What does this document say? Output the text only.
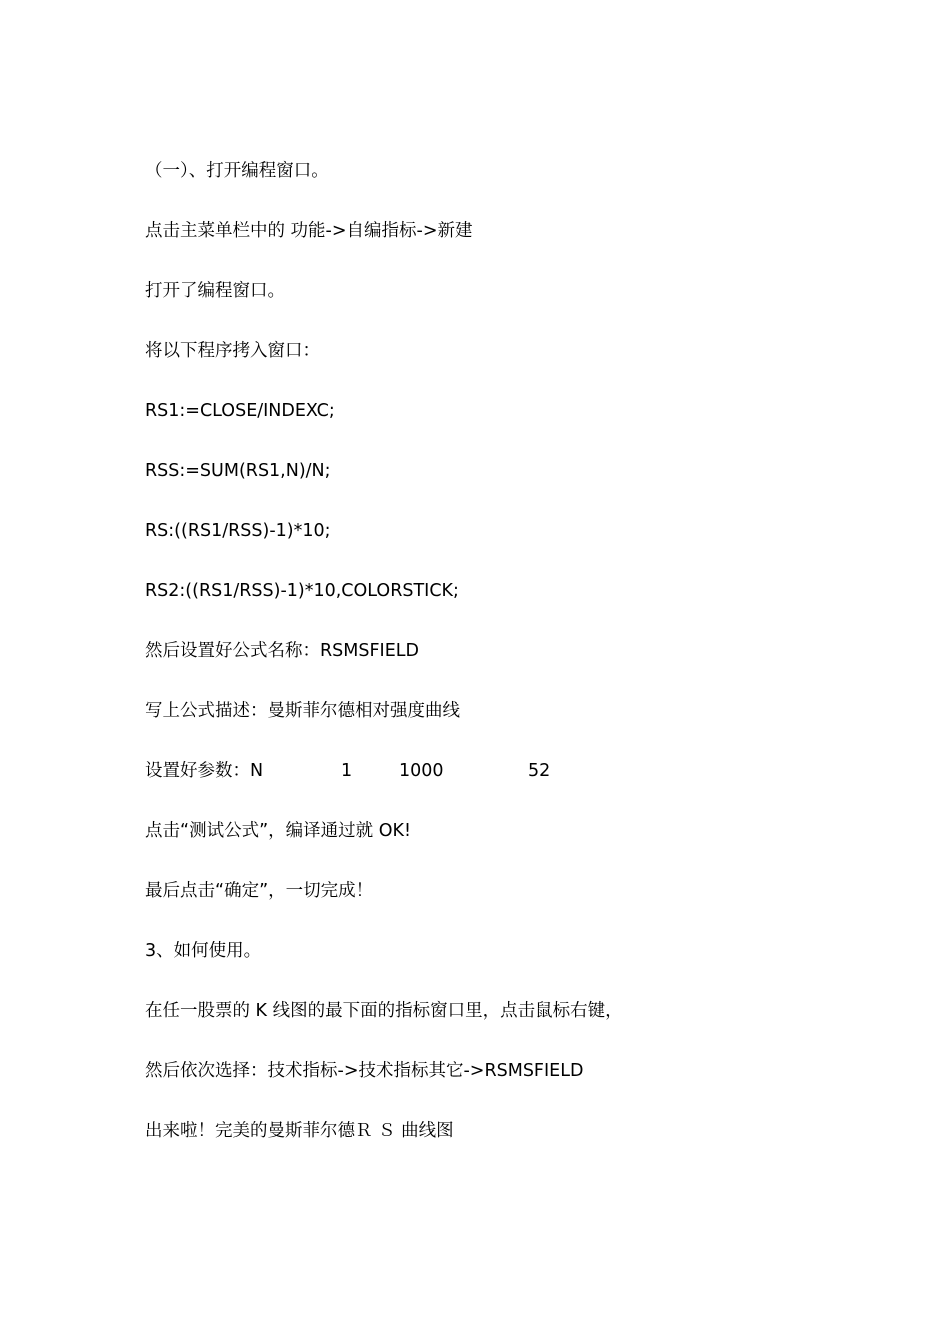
（一）、打开编程窗口。
点击主菜单栏中的 功能->自编指标->新建
打开了编程窗口。
将以下程序拷入窗口：
RS1:=CLOSE/INDEXC;
RSS:=SUM(RS1,N)/N;
RS:((RS1/RSS)-1)*10;
RS2:((RS1/RSS)-1)*10,COLORSTICK;
然后设置好公式名称：RSMSFIELD
写上公式描述：曼斯菲尔德相对强度曲线
设置好参数：N	1	1000	52
点击“测试公式”，编译通过就 OK!
最后点击“确定”，一切完成！
3、如何使用。
在任一股票的 K 线图的最下面的指标窗口里，点击鼠标右键，
然后依次选择：技术指标->技术指标其它->RSMSFIELD
出来啦！完美的曼斯菲尔德Ｒ Ｓ 曲线图
